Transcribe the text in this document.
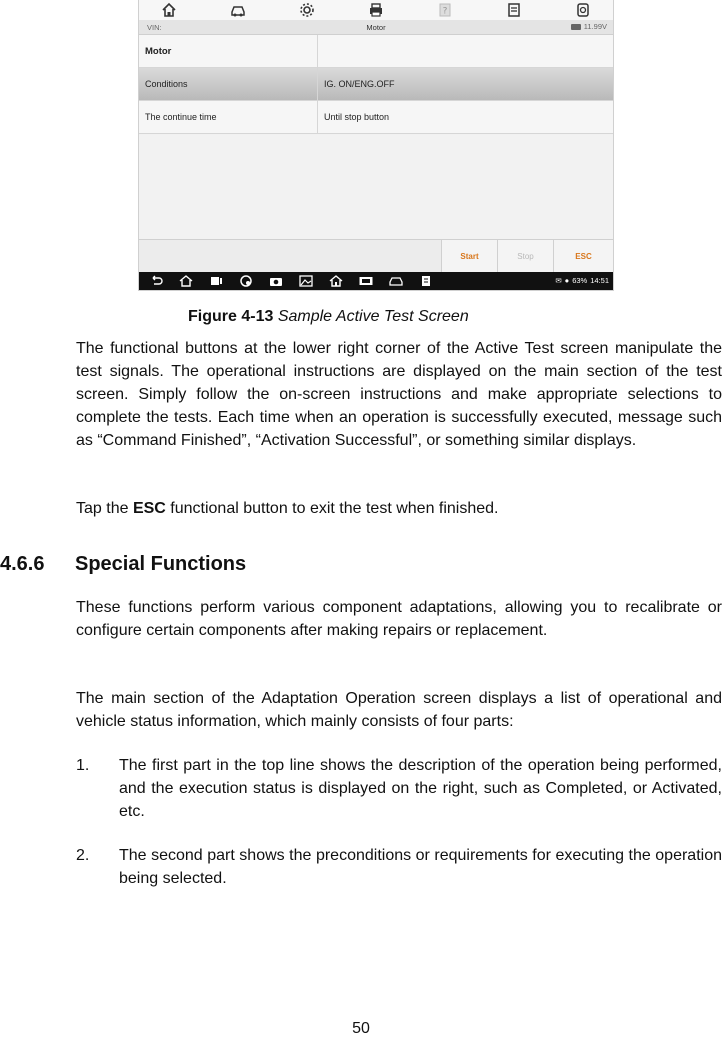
?
VIN:	Motor	11.99V
Motor
Conditions	IG. ON/ENG.OFF
The continue time	Until stop button
Start	Stop	ESC
✉ ● 63% 14:51
Figure 4-13 Sample Active Test Screen

The functional buttons at the lower right corner of the Active Test screen manipulate the test signals. The operational instructions are displayed on the main section of the test screen. Simply follow the on-screen instructions and make appropriate selections to complete the tests. Each time when an operation is successfully executed, message such as “Command Finished”, “Activation Successful”, or something similar displays.

Tap the ESC functional button to exit the test when finished.

4.6.6 Special Functions

These functions perform various component adaptations, allowing you to recalibrate or configure certain components after making repairs or replacement.

The main section of the Adaptation Operation screen displays a list of operational and vehicle status information, which mainly consists of four parts:

1. The first part in the top line shows the description of the operation being performed, and the execution status is displayed on the right, such as Completed, or Activated, etc.
2. The second part shows the preconditions or requirements for executing the operation being selected.
50
